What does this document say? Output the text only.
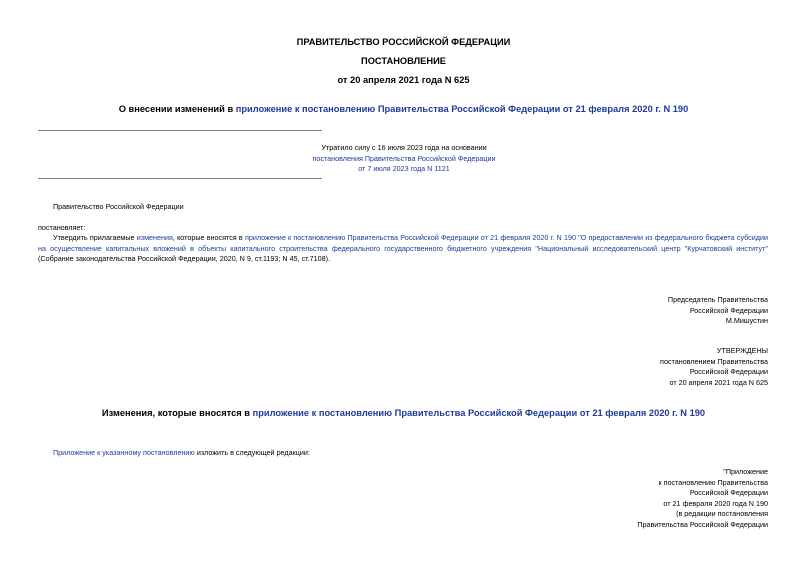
ПРАВИТЕЛЬСТВО РОССИЙСКОЙ ФЕДЕРАЦИИ
ПОСТАНОВЛЕНИЕ
от 20 апреля 2021 года N 625
О внесении изменений в приложение к постановлению Правительства Российской Федерации от 21 февраля 2020 г. N 190
Утратило силу с 16 июля 2023 года на основании
постановления Правительства Российской Федерации
от 7 июля 2023 года N 1121
Правительство Российской Федерации
постановляет:
Утвердить прилагаемые изменения, которые вносятся в приложение к постановлению Правительства Российской Федерации от 21 февраля 2020 г. N 190 "О предоставлении из федерального бюджета субсидии на осуществление капитальных вложений в объекты капитального строительства федерального государственного бюджетного учреждения "Национальный исследовательский центр "Курчатовский институт" (Собрание законодательства Российской Федерации, 2020, N 9, ст.1193; N 45, ст.7108).
Председатель Правительства
Российской Федерации
М.Мишустин
УТВЕРЖДЕНЫ
постановлением Правительства
Российской Федерации
от 20 апреля 2021 года N 625
Изменения, которые вносятся в приложение к постановлению Правительства Российской Федерации от 21 февраля 2020 г. N 190
Приложение к указанному постановлению изложить в следующей редакции:
"Приложение
к постановлению Правительства
Российской Федерации
от 21 февраля 2020 года N 190
(в редакции постановления
Правительства Российской Федерации
